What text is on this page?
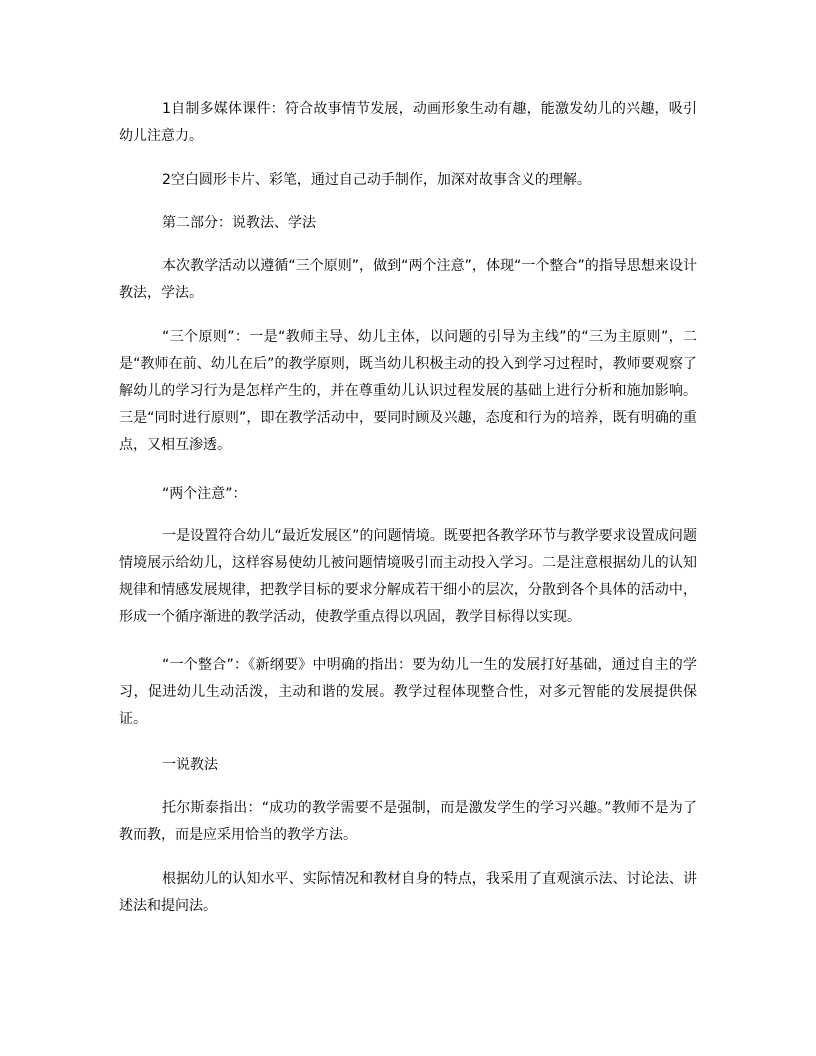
1自制多媒体课件：符合故事情节发展，动画形象生动有趣，能激发幼儿的兴趣，吸引幼儿注意力。

2空白圆形卡片、彩笔，通过自己动手制作，加深对故事含义的理解。

第二部分：说教法、学法

本次教学活动以遵循“三个原则”，做到“两个注意”，体现“一个整合”的指导思想来设计教法，学法。

“三个原则”：一是“教师主导、幼儿主体，以问题的引导为主线”的“三为主原则”，二是“教师在前、幼儿在后”的教学原则，既当幼儿积极主动的投入到学习过程时，教师要观察了解幼儿的学习行为是怎样产生的，并在尊重幼儿认识过程发展的基础上进行分析和施加影响。三是“同时进行原则”，即在教学活动中，要同时顾及兴趣，态度和行为的培养，既有明确的重点，又相互渗透。

“两个注意”：

一是设置符合幼儿“最近发展区”的问题情境。既要把各教学环节与教学要求设置成问题情境展示给幼儿，这样容易使幼儿被问题情境吸引而主动投入学习。二是注意根据幼儿的认知规律和情感发展规律，把教学目标的要求分解成若干细小的层次，分散到各个具体的活动中，形成一个循序渐进的教学活动，使教学重点得以巩固，教学目标得以实现。

“一个整合”：《新纲要》中明确的指出：要为幼儿一生的发展打好基础，通过自主的学习，促进幼儿生动活泼，主动和谐的发展。教学过程体现整合性，对多元智能的发展提供保证。

一说教法

托尔斯泰指出：“成功的教学需要不是强制，而是激发学生的学习兴趣。”教师不是为了教而教，而是应采用恰当的教学方法。

根据幼儿的认知水平、实际情况和教材自身的特点，我采用了直观演示法、讨论法、讲述法和提问法。
